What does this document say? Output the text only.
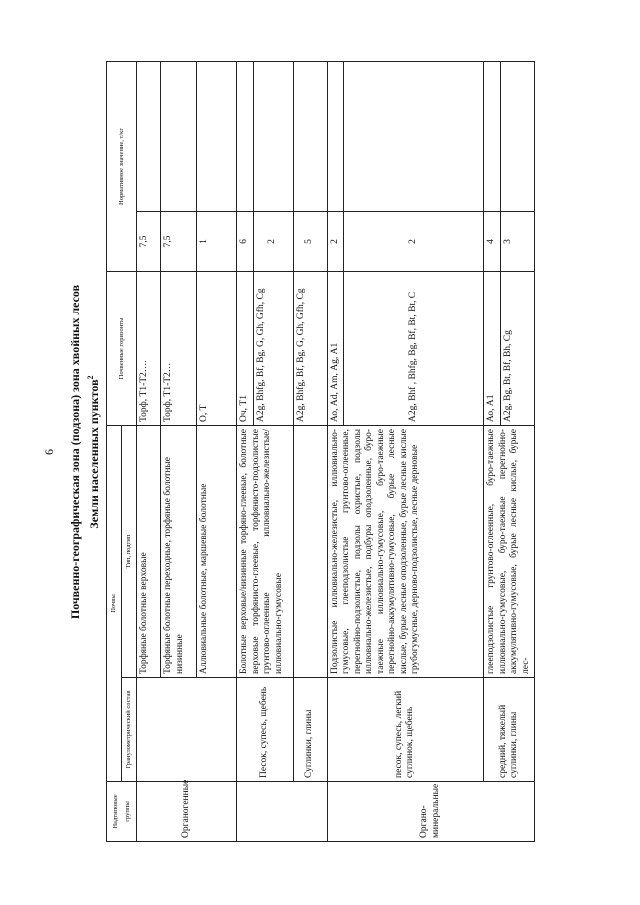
6 Почвенно-географическая зона (подзона) зона хвойных лесов Земли населенных пунктов$^2$
Надтиповые группы	Почвы		Почвенные горизонты	Нормативное значение, т/кг	
	Гранулометрический состав	Тип, подтип			
Органогенные		Торфяные болотные верховые	Торф, Т1-Т2….	7,5	
		Торфяные болотные переходные, торфяные болотные низинные	Торф, Т1-Т2…	7,5	
		Аллювиальные болотные, маршевые болотные	О, Т	1	
	Песок, супесь, щебень	Болотные верховые/низинные торфяно-глеевые, болотные верховые торфянисто-глеевые, торфянисто-подзолистые грунтово-оглеенные иллювиально-железистые/иллювиально-гумусовые	Оч, Т1	6	
			А2g, Bhfg, Bf, Bg, G, Gh, Gfh, Cg	2	
	Суглинки, глины		А2g, Bhfg, Bf, Bg, G, Gh, Gfh, Cg	5	
Органо-минеральные	песок, супесь, легкий суглинок, щебень	Подзолистые иллювиально-железистые, иллювиально-гумусовые, глееподзолистые грунтово-оглеенные, перегнойно-подзолистые, подзолы охристые, подзолы иллювиально-железистые, подбуры оподзоленные, буро-таежные иллювиально-гумусовые, буро-таежные перегнойно-аккумулятивно-гумусовые, бурые лесные кислые, бурые лесные оподзоленные, бурые лесные кислые грубогумусные, дерново-подзолистые, лесные дерновые	Ао, Аd, Аm, Аg, А1	2	
			А2g, Bhf , Bhfg, Bg, Bf, Bt, Bt, C	2	
	средний, тяжелый суглинки, глины	глееподзолистые грунтово-оглеенные, буро-таежные иллювиально-гумусовые, буро-таежные перегнойно-аккумулятивно-гумусовые, бурые лесные кислые, бурые лес-	Ао, А1	4	
			А2g, Bg, Bt, Bf, Bh, Cg	3	
